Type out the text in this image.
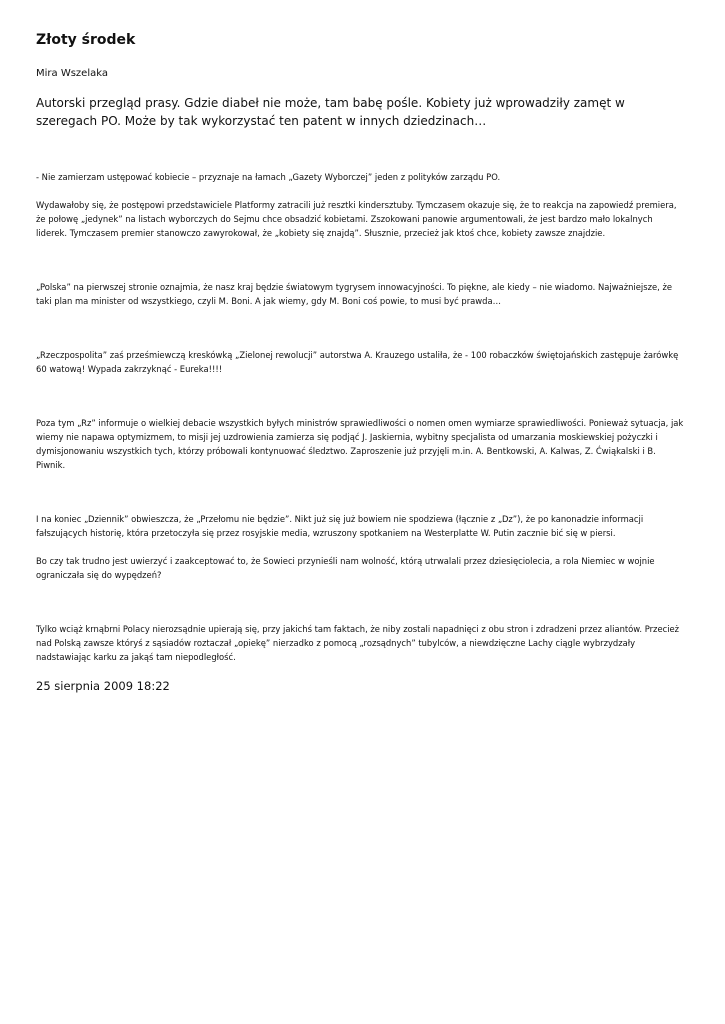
Złoty środek

Mira Wszelaka

Autorski przegląd prasy. Gdzie diabeł nie może, tam babę pośle. Kobiety już wprowadziły zamęt w szeregach PO. Może by tak wykorzystać ten patent w innych dziedzinach…

- Nie zamierzam ustępować kobiecie – przyznaje na łamach „Gazety Wyborczej” jeden z polityków zarządu PO.

Wydawałoby się, że postępowi przedstawiciele Platformy zatracili już resztki kindersztuby. Tymczasem okazuje się, że to reakcja na zapowiedź premiera, że połowę „jedynek” na listach wyborczych do Sejmu chce obsadzić kobietami. Zszokowani panowie argumentowali, że jest bardzo mało lokalnych liderek. Tymczasem premier stanowczo zawyrokował, że „kobiety się znajdą”. Słusznie, przecież jak ktoś chce, kobiety zawsze znajdzie.

„Polska” na pierwszej stronie oznajmia, że nasz kraj będzie światowym tygrysem innowacyjności. To piękne, ale kiedy – nie wiadomo. Najważniejsze, że taki plan ma minister od wszystkiego, czyli M. Boni. A jak wiemy, gdy M. Boni coś powie, to musi być prawda…

„Rzeczpospolita” zaś prześmiewczą kreskówką „Zielonej rewolucji” autorstwa A. Krauzego ustaliła, że - 100 robaczków świętojańskich zastępuje żarówkę 60 watową! Wypada zakrzyknąć - Eureka!!!!

Poza tym „Rz” informuje o wielkiej debacie wszystkich byłych ministrów sprawiedliwości o nomen omen wymiarze sprawiedliwości. Ponieważ sytuacja, jak wiemy nie napawa optymizmem, to misji jej uzdrowienia zamierza się podjąć J. Jaskiernia, wybitny specjalista od umarzania moskiewskiej pożyczki i dymisjonowaniu wszystkich tych, którzy próbowali kontynuować śledztwo. Zaproszenie już przyjęli m.in. A. Bentkowski, A. Kalwas, Z. Ćwiąkalski i B. Piwnik.

I na koniec „Dziennik” obwieszcza, że „Przełomu nie będzie”. Nikt już się już bowiem nie spodziewa (łącznie z „Dz”), że po kanonadzie informacji fałszujących historię, która przetoczyła się przez rosyjskie media, wzruszony spotkaniem na Westerplatte W. Putin zacznie bić się w piersi.

Bo czy tak trudno jest uwierzyć i zaakceptować to, że Sowieci przynieśli nam wolność, którą utrwalali przez dziesięciolecia, a rola Niemiec w wojnie ograniczała się do wypędzeń?

Tylko wciąż krnąbrni Polacy nierozsądnie upierają się, przy jakichś tam faktach, że niby zostali napadnięci z obu stron i zdradzeni przez aliantów. Przecież nad Polską zawsze któryś z sąsiadów roztaczał „opiekę” nierzadko z pomocą „rozsądnych” tubylców, a niewdzięczne Lachy ciągle wybrzydzały nadstawiając karku za jakąś tam niepodległość.

25 sierpnia 2009 18:22
